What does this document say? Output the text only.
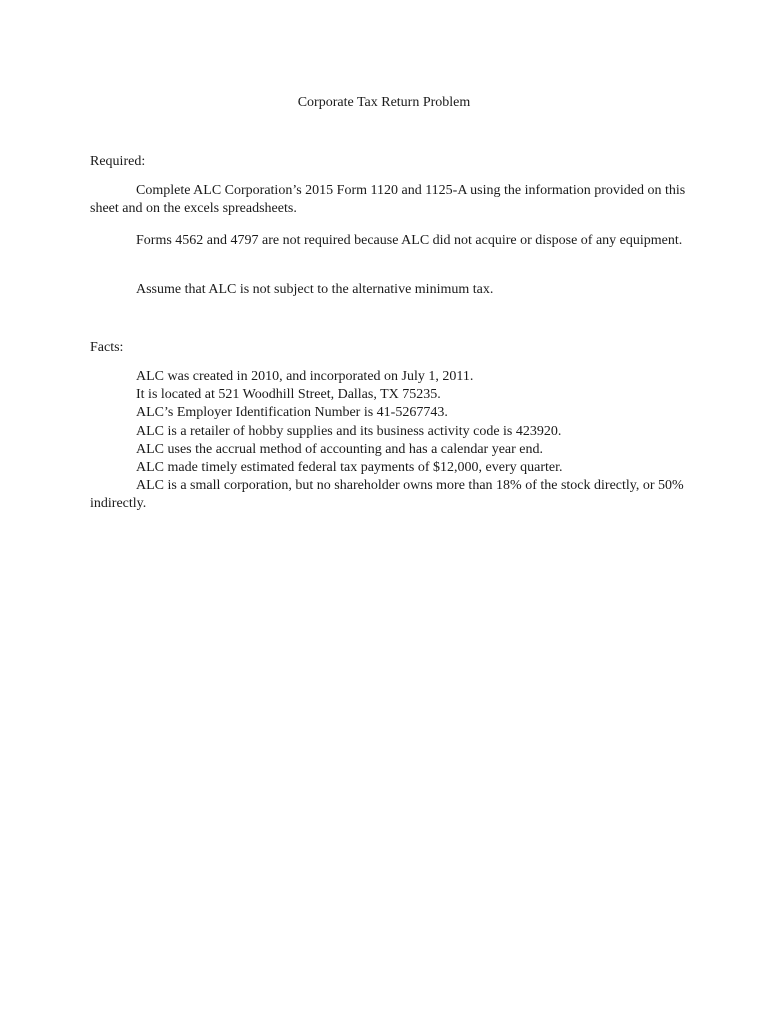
Corporate Tax Return Problem
Required:

Complete ALC Corporation’s 2015 Form 1120 and 1125-A using the information provided on this sheet and on the excels spreadsheets.

Forms 4562 and 4797 are not required because ALC did not acquire or dispose of any equipment.

Assume that ALC is not subject to the alternative minimum tax.

Facts:
ALC was created in 2010, and incorporated on July 1, 2011.
It is located at 521 Woodhill Street, Dallas, TX 75235.
ALC’s Employer Identification Number is 41-5267743.
ALC is a retailer of hobby supplies and its business activity code is 423920.
ALC uses the accrual method of accounting and has a calendar year end.
ALC made timely estimated federal tax payments of $12,000, every quarter.
ALC is a small corporation, but no shareholder owns more than 18% of the stock directly, or 50% indirectly.
